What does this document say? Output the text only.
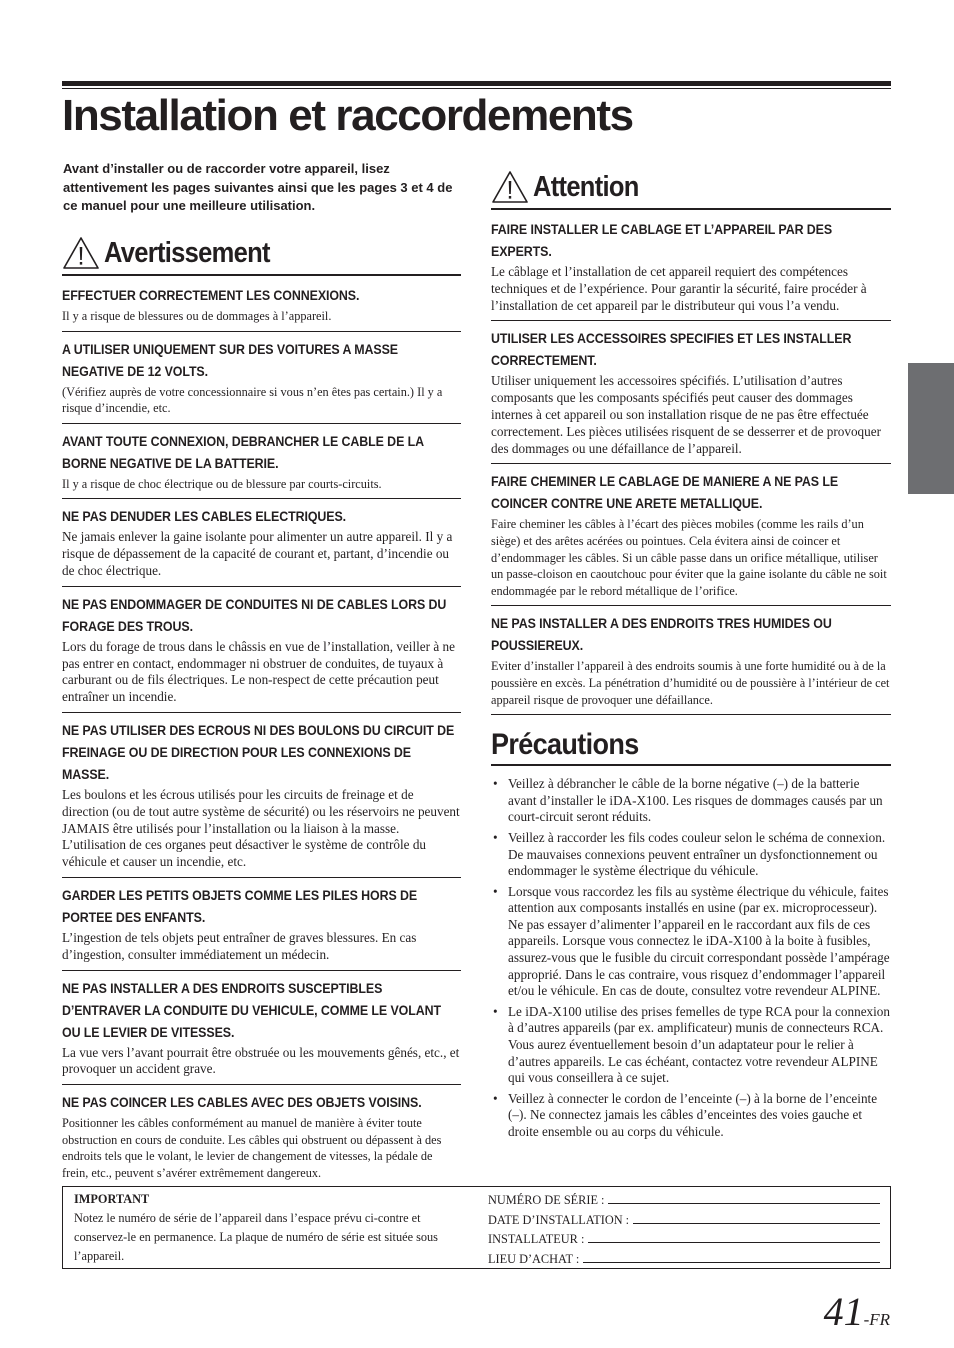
Installation et raccordements
Avant d’installer ou de raccorder votre appareil, lisez attentivement les pages suivantes ainsi que les pages 3 et 4 de ce manuel pour une meilleure utilisation.
Avertissement
EFFECTUER CORRECTEMENT LES CONNEXIONS.
Il y a risque de blessures ou de dommages à l’appareil.
A UTILISER UNIQUEMENT SUR DES VOITURES A MASSE NEGATIVE DE 12 VOLTS.
(Vérifiez auprès de votre concessionnaire si vous n’en êtes pas certain.) Il y a risque d’incendie, etc.
AVANT TOUTE CONNEXION, DEBRANCHER LE CABLE DE LA BORNE NEGATIVE DE LA BATTERIE.
Il y a risque de choc électrique ou de blessure par courts-circuits.
NE PAS DENUDER LES CABLES ELECTRIQUES.
Ne jamais enlever la gaine isolante pour alimenter un autre appareil. Il y a risque de dépassement de la capacité de courant et, partant, d’incendie ou de choc électrique.
NE PAS ENDOMMAGER DE CONDUITES NI DE CABLES LORS DU FORAGE DES TROUS.
Lors du forage de trous dans le châssis en vue de l’installation, veiller à ne pas entrer en contact, endommager ni obstruer de conduites, de tuyaux à carburant ou de fils électriques. Le non-respect de cette précaution peut entraîner un incendie.
NE PAS UTILISER DES ECROUS NI DES BOULONS DU CIRCUIT DE FREINAGE OU DE DIRECTION POUR LES CONNEXIONS DE MASSE.
Les boulons et les écrous utilisés pour les circuits de freinage et de direction (ou de tout autre système de sécurité) ou les réservoirs ne peuvent JAMAIS être utilisés pour l’installation ou la liaison à la masse. L’utilisation de ces organes peut désactiver le système de contrôle du véhicule et causer un incendie, etc.
GARDER LES PETITS OBJETS COMME LES PILES HORS DE PORTEE DES ENFANTS.
L’ingestion de tels objets peut entraîner de graves blessures. En cas d’ingestion, consulter immédiatement un médecin.
NE PAS INSTALLER A DES ENDROITS SUSCEPTIBLES D’ENTRAVER LA CONDUITE DU VEHICULE, COMME LE VOLANT OU LE LEVIER DE VITESSES.
La vue vers l’avant pourrait être obstruée ou les mouvements gênés, etc., et provoquer un accident grave.
NE PAS COINCER LES CABLES AVEC DES OBJETS VOISINS.
Positionner les câbles conformément au manuel de manière à éviter toute obstruction en cours de conduite. Les câbles qui obstruent ou dépassent à des endroits tels que le volant, le levier de changement de vitesses, la pédale de frein, etc., peuvent s’avérer extrêmement dangereux.
Attention
FAIRE INSTALLER LE CABLAGE ET L’APPAREIL PAR DES EXPERTS.
Le câblage et l’installation de cet appareil requiert des compétences techniques et de l’expérience. Pour garantir la sécurité, faire procéder à l’installation de cet appareil par le distributeur qui vous l’a vendu.
UTILISER LES ACCESSOIRES SPECIFIES ET LES INSTALLER CORRECTEMENT.
Utiliser uniquement les accessoires spécifiés. L’utilisation d’autres composants que les composants spécifiés peut causer des dommages internes à cet appareil ou son installation risque de ne pas être effectuée correctement. Les pièces utilisées risquent de se desserrer et de provoquer des dommages ou une défaillance de l’appareil.
FAIRE CHEMINER LE CABLAGE DE MANIERE A NE PAS LE COINCER CONTRE UNE ARETE METALLIQUE.
Faire cheminer les câbles à l’écart des pièces mobiles (comme les rails d’un siège) et des arêtes acérées ou pointues. Cela évitera ainsi de coincer et d’endommager les câbles. Si un câble passe dans un orifice métallique, utiliser un passe-cloison en caoutchouc pour éviter que la gaine isolante du câble ne soit endommagée par le rebord métallique de l’orifice.
NE PAS INSTALLER A DES ENDROITS TRES HUMIDES OU POUSSIEREUX.
Eviter d’installer l’appareil à des endroits soumis à une forte humidité ou à de la poussière en excès. La pénétration d’humidité ou de poussière à l’intérieur de cet appareil risque de provoquer une défaillance.
Précautions
• Veillez à débrancher le câble de la borne négative (–) de la batterie avant d’installer le iDA-X100. Les risques de dommages causés par un court-circuit seront réduits.
• Veillez à raccorder les fils codes couleur selon le schéma de connexion. De mauvaises connexions peuvent entraîner un dysfonctionnement ou endommager le système électrique du véhicule.
• Lorsque vous raccordez les fils au système électrique du véhicule, faites attention aux composants installés en usine (par ex. microprocesseur). Ne pas essayer d’alimenter l’appareil en le raccordant aux fils de ces appareils. Lorsque vous connectez le iDA-X100 à la boite à fusibles, assurez-vous que le fusible du circuit correspondant possède l’ampérage approprié. Dans le cas contraire, vous risquez d’endommager l’appareil et/ou le véhicule. En cas de doute, consultez votre revendeur ALPINE.
• Le iDA-X100 utilise des prises femelles de type RCA pour la connexion à d’autres appareils (par ex. amplificateur) munis de connecteurs RCA. Vous aurez éventuellement besoin d’un adaptateur pour le relier à d’autres appareils. Le cas échéant, contactez votre revendeur ALPINE qui vous conseillera à ce sujet.
• Veillez à connecter le cordon de l’enceinte (–) à la borne de l’enceinte (–). Ne connectez jamais les câbles d’enceintes des voies gauche et droite ensemble ou au corps du véhicule.
IMPORTANT
Notez le numéro de série de l’appareil dans l’espace prévu ci-contre et conservez-le en permanence. La plaque de numéro de série est située sous l’appareil.
NUMÉRO DE SÉRIE :
DATE D’INSTALLATION :
INSTALLATEUR :
LIEU D’ACHAT :
41-FR
